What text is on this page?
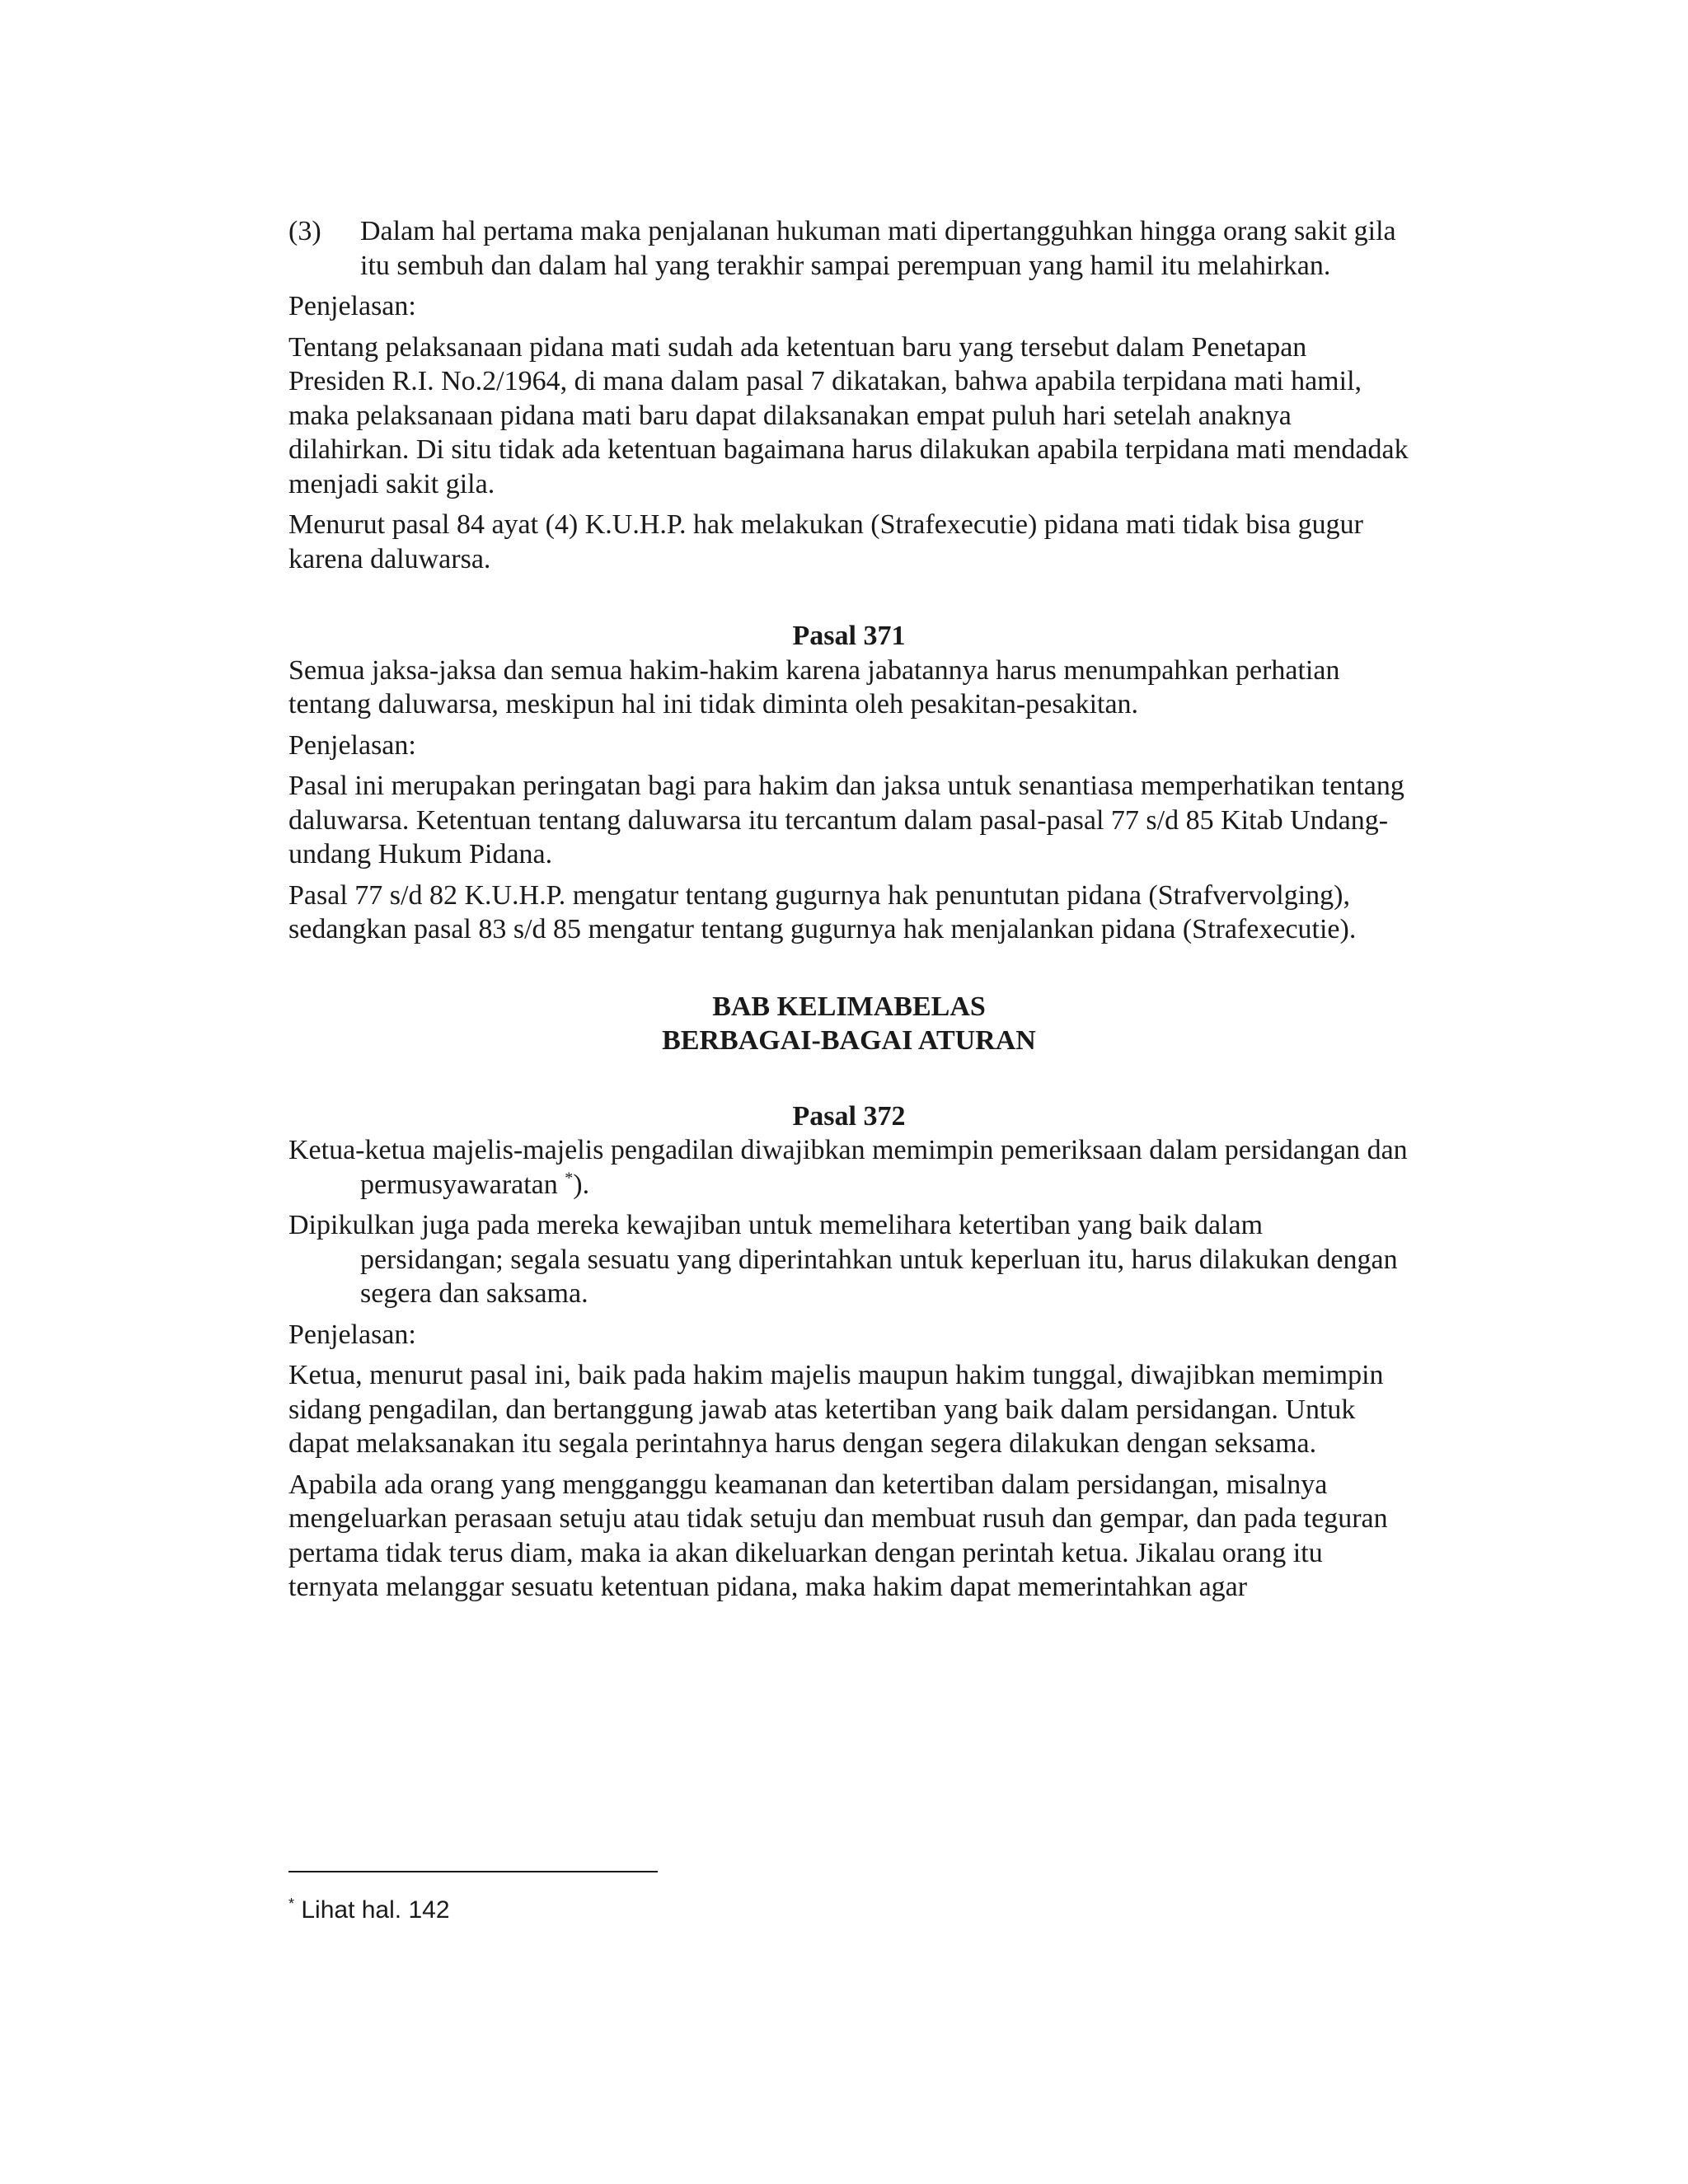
(3)	Dalam hal pertama maka penjalanan hukuman mati dipertangguhkan hingga orang sakit gila itu sembuh dan dalam hal yang terakhir sampai perempuan yang hamil itu melahirkan.

Penjelasan:

Tentang pelaksanaan pidana mati sudah ada ketentuan baru yang tersebut dalam Penetapan Presiden R.I. No.2/1964, di mana dalam pasal 7 dikatakan, bahwa apabila terpidana mati hamil, maka pelaksanaan pidana mati baru dapat dilaksanakan empat puluh hari setelah anaknya dilahirkan. Di situ tidak ada ketentuan bagaimana harus dilakukan apabila terpidana mati mendadak menjadi sakit gila.

Menurut pasal 84 ayat (4) K.U.H.P. hak melakukan (Strafexecutie) pidana mati tidak bisa gugur karena daluwarsa.

Pasal 371

Semua jaksa-jaksa dan semua hakim-hakim karena jabatannya harus menumpahkan perhatian tentang daluwarsa, meskipun hal ini tidak diminta oleh pesakitan-pesakitan.

Penjelasan:

Pasal ini merupakan peringatan bagi para hakim dan jaksa untuk senantiasa memperhatikan tentang daluwarsa. Ketentuan tentang daluwarsa itu tercantum dalam pasal-pasal 77 s/d 85 Kitab Undang-undang Hukum Pidana.

Pasal 77 s/d 82 K.U.H.P. mengatur tentang gugurnya hak penuntutan pidana (Strafvervolging), sedangkan pasal 83 s/d 85 mengatur tentang gugurnya hak menjalankan pidana (Strafexecutie).

BAB KELIMABELAS

BERBAGAI-BAGAI ATURAN

Pasal 372

Ketua-ketua majelis-majelis pengadilan diwajibkan memimpin pemeriksaan dalam persidangan dan permusyawaratan *).

Dipikulkan juga pada mereka kewajiban untuk memelihara ketertiban yang baik dalam persidangan; segala sesuatu yang diperintahkan untuk keperluan itu, harus dilakukan dengan segera dan saksama.

Penjelasan:

Ketua, menurut pasal ini, baik pada hakim majelis maupun hakim tunggal, diwajibkan memimpin sidang pengadilan, dan bertanggung jawab atas ketertiban yang baik dalam persidangan. Untuk dapat melaksanakan itu segala perintahnya harus dengan segera dilakukan dengan seksama.

Apabila ada orang yang mengganggu keamanan dan ketertiban dalam persidangan, misalnya mengeluarkan perasaan setuju atau tidak setuju dan membuat rusuh dan gempar, dan pada teguran pertama tidak terus diam, maka ia akan dikeluarkan dengan perintah ketua. Jikalau orang itu ternyata melanggar sesuatu ketentuan pidana, maka hakim dapat memerintahkan agar

* Lihat hal. 142
